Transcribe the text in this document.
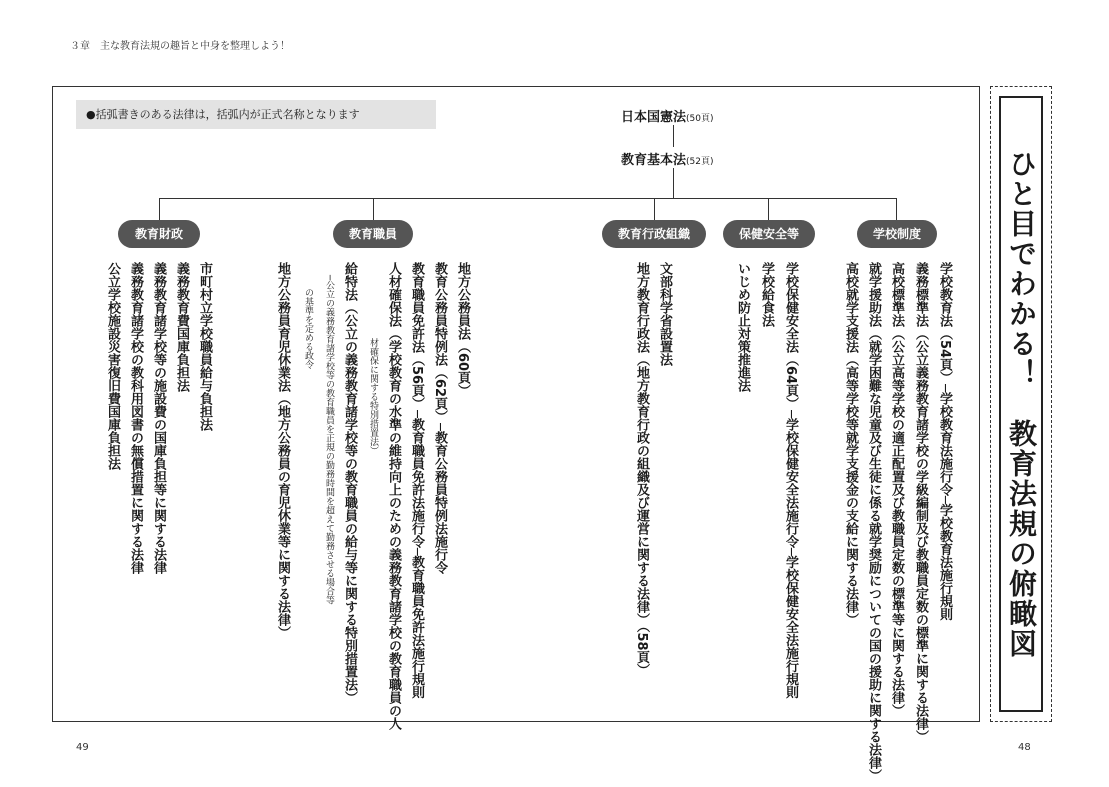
３章　主な教育法規の趣旨と中身を整理しよう！
●括弧書きのある法律は，括弧内が正式名称となります	日本国憲法(50頁)
教育基本法(52頁)
教育財政	教育職員	教育行政組織	保健安全等	学校制度
学校教育法（54頁）─学校教育法施行令─学校教育法施行規則
義務標準法（公立義務教育諸学校の学級編制及び教職員定数の標準に関する法律）
高校標準法（公立高等学校の適正配置及び教職員定数の標準等に関する法律）
就学援助法（就学困難な児童及び生徒に係る就学奨励についての国の援助に関する法律）
高校就学支援法（高等学校等就学支援金の支給に関する法律）
学校保健安全法（64頁）─学校保健安全法施行令─学校保健安全法施行規則
学校給食法
いじめ防止対策推進法
文部科学省設置法
地方教育行政法（地方教育行政の組織及び運営に関する法律）（58頁）
地方公務員法（60頁）
教育公務員特例法（62頁）─教育公務員特例法施行令
教育職員免許法（56頁）─教育職員免許法施行令─教育職員免許法施行規則
人材確保法（学校教育の水準の維持向上のための義務教育諸学校の教育職員の人
材確保に関する特別措置法）
給特法（公立の義務教育諸学校等の教育職員の給与等に関する特別措置法）
─公立の義務教育諸学校等の教育職員を正規の勤務時間を超えて勤務させる場合等
の基準を定める政令
地方公務員育児休業法（地方公務員の育児休業等に関する法律）
市町村立学校職員給与負担法
義務教育費国庫負担法
義務教育諸学校等の施設費の国庫負担等に関する法律
義務教育諸学校の教科用図書の無償措置に関する法律
公立学校施設災害復旧費国庫負担法	ひと目でわかる！　教育法規の俯瞰図
49	48
